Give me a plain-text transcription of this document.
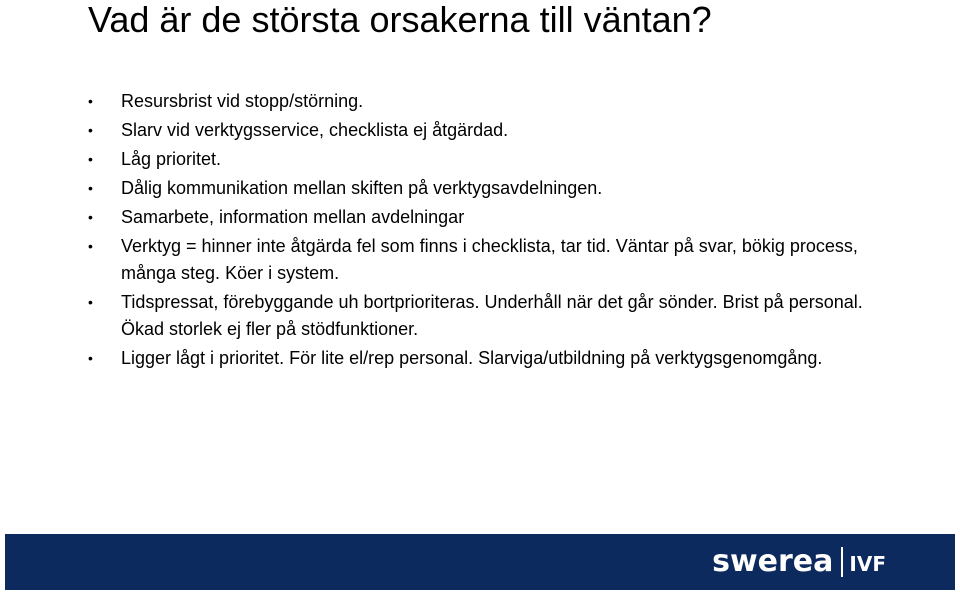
Vad är de största orsakerna till väntan?
• Resursbrist vid stopp/störning.
• Slarv vid verktygsservice, checklista ej åtgärdad.
• Låg prioritet.
• Dålig kommunikation mellan skiften på verktygsavdelningen.
• Samarbete, information mellan avdelningar
• Verktyg = hinner inte åtgärda fel som finns i checklista, tar tid. Väntar på svar, bökig process, många steg. Köer i system.
• Tidspressat, förebyggande uh bortprioriteras. Underhåll när det går sönder. Brist på personal. Ökad storlek ej fler på stödfunktioner.
• Ligger lågt i prioritet. För lite el/rep personal. Slarviga/utbildning på verktygsgenomgång.
swerea IVF
